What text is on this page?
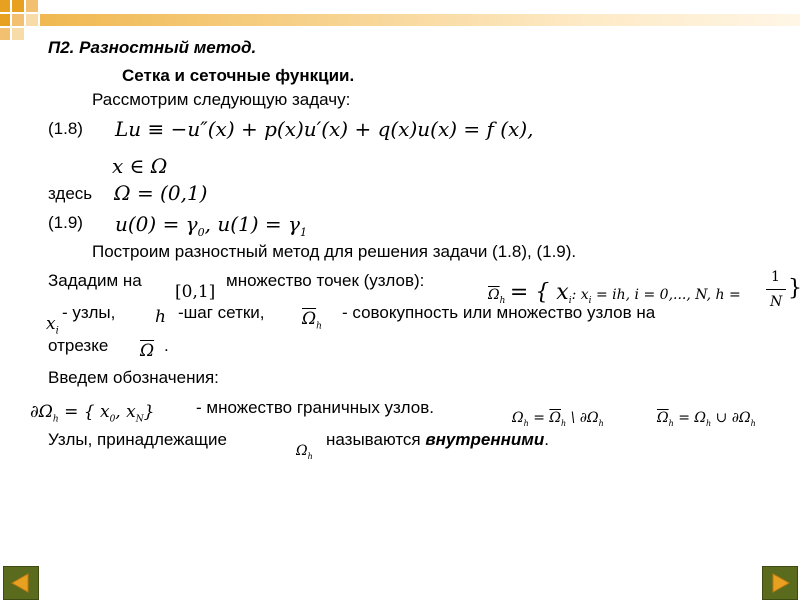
П2. Разностный метод.
Сетка и сеточные функции.
Рассмотрим следующую задачу:
(1.8) Lu ≡ −u″(x) + p(x)u′(x) + q(x)u(x) = f (x),
x ∈ Ω
здесь Ω = (0,1)
(1.9) $u(0) = \gamma_0$, $u(1) = \gamma_1$
Построим разностный метод для решения задачи (1.8), (1.9).
Зададим на
[0,1]
множество точек (узлов):
$\overline{\Omega}_h$ = { $x_i$: $x_i$ = ih, i = 0,..., N, h =
1
N
}
$x_i$
- узлы, h -шаг сетки, $\overline{\Omega}_h$
- совокупность или множество узлов на
отрезке $\overline{\Omega}$ .
Введем обозначения:
$\partial\Omega_h$ = { $x_0$, $x_N$} - множество граничных узлов.
$\Omega_h = \overline{\Omega}_h$ \ $\partial\Omega_h$	$\overline{\Omega}_h = \Omega_h$ ∪ $\partial\Omega_h$
Узлы, принадлежащие
$\Omega_h$
называются внутренними.
